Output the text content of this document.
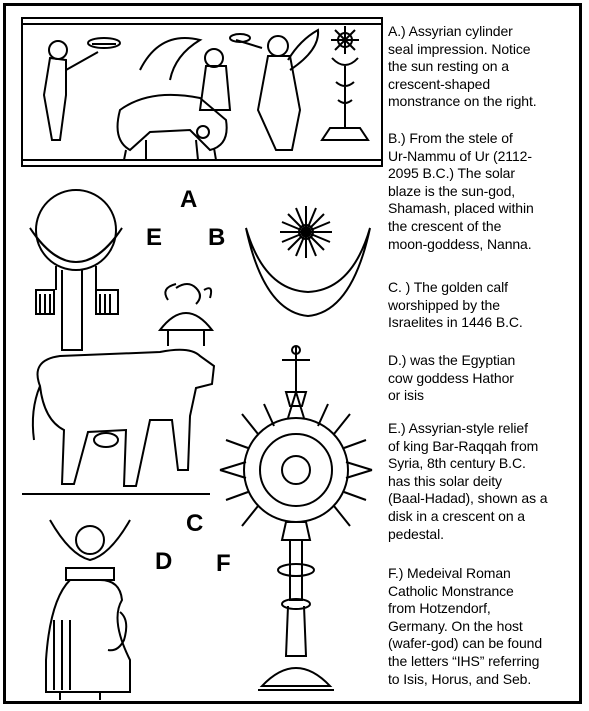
A
E B
C
D F
A.) Assyrian cylinder
seal impression. Notice
the sun resting on a
crescent-shaped
monstrance on the right.
B.) From the stele of
Ur-Nammu of Ur (2112-
2095 B.C.) The solar
blaze is the sun-god,
Shamash, placed within
the crescent of the
moon-goddess, Nanna.
C. ) The golden calf
worshipped by the
Israelites in 1446 B.C.
D.) was the Egyptian
cow goddess Hathor
or isis
E.) Assyrian-style relief
of king Bar-Raqqah from
Syria, 8th century B.C.
has this solar deity
(Baal-Hadad), shown as a
disk in a crescent on a
pedestal.
F.) Medeival Roman
Catholic Monstrance
from Hotzendorf,
Germany. On the host
(wafer-god) can be found
the letters “IHS” referring
to Isis, Horus, and Seb.
